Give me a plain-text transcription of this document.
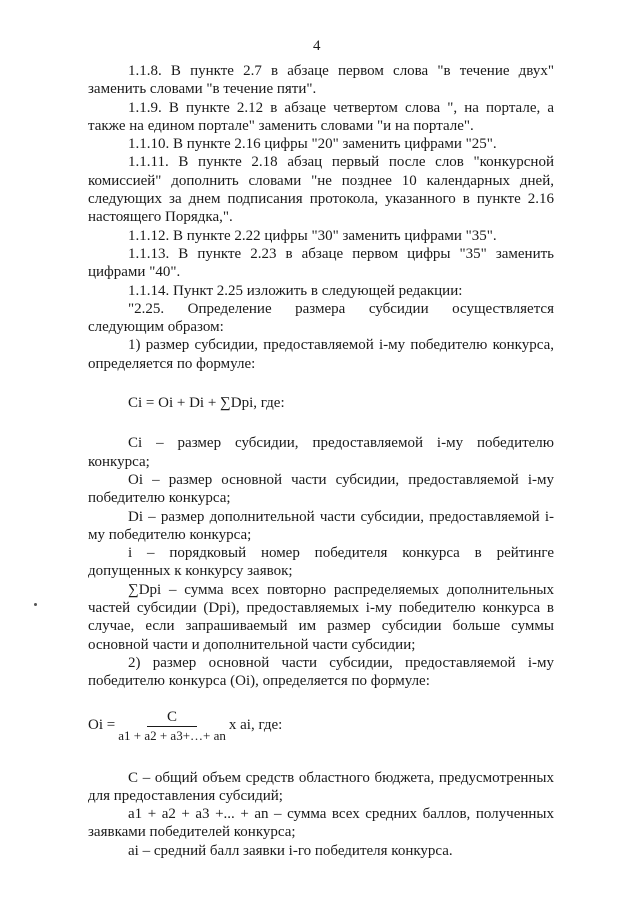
4

1.1.8. В пункте 2.7 в абзаце первом слова "в течение двух" заменить словами "в течение пяти".

1.1.9. В пункте 2.12 в абзаце четвертом слова ", на портале, а также на едином портале" заменить словами "и на портале".

1.1.10. В пункте 2.16 цифры "20" заменить цифрами "25".

1.1.11. В пункте 2.18 абзац первый после слов "конкурсной комиссией" дополнить словами "не позднее 10 календарных дней, следующих за днем подписания протокола, указанного в пункте 2.16 настоящего Порядка,".

1.1.12. В пункте 2.22 цифры "30" заменить цифрами "35".

1.1.13. В пункте 2.23 в абзаце первом цифры "35" заменить цифрами "40".

1.1.14. Пункт 2.25 изложить в следующей редакции:

"2.25. Определение размера субсидии осуществляется следующим образом:

1) размер субсидии, предоставляемой i-му победителю конкурса, определяется по формуле:

Ci = Oi + Di + ∑Dpi, где:

Ci – размер субсидии, предоставляемой i-му победителю конкурса;

Oi – размер основной части субсидии, предоставляемой i-му победителю конкурса;

Di – размер дополнительной части субсидии, предоставляемой i-му победителю конкурса;

i – порядковый номер победителя конкурса в рейтинге допущенных к конкурсу заявок;

∑Dpi – сумма всех повторно распределяемых дополнительных частей субсидии (Dpi), предоставляемых i-му победителю конкурса в случае, если запрашиваемый им размер субсидии больше суммы основной части и дополнительной части субсидии;

2) размер основной части субсидии, предоставляемой i-му победителю конкурса (Oi), определяется по формуле:

$Oi = \frac{С}{a1 + a2 + a3+\dots+ an}$ x ai, где:

С – общий объем средств областного бюджета, предусмотренных для предоставления субсидий;

a1 + a2 + a3 +... + an – сумма всех средних баллов, полученных заявками победителей конкурса;

ai – средний балл заявки i-го победителя конкурса.
